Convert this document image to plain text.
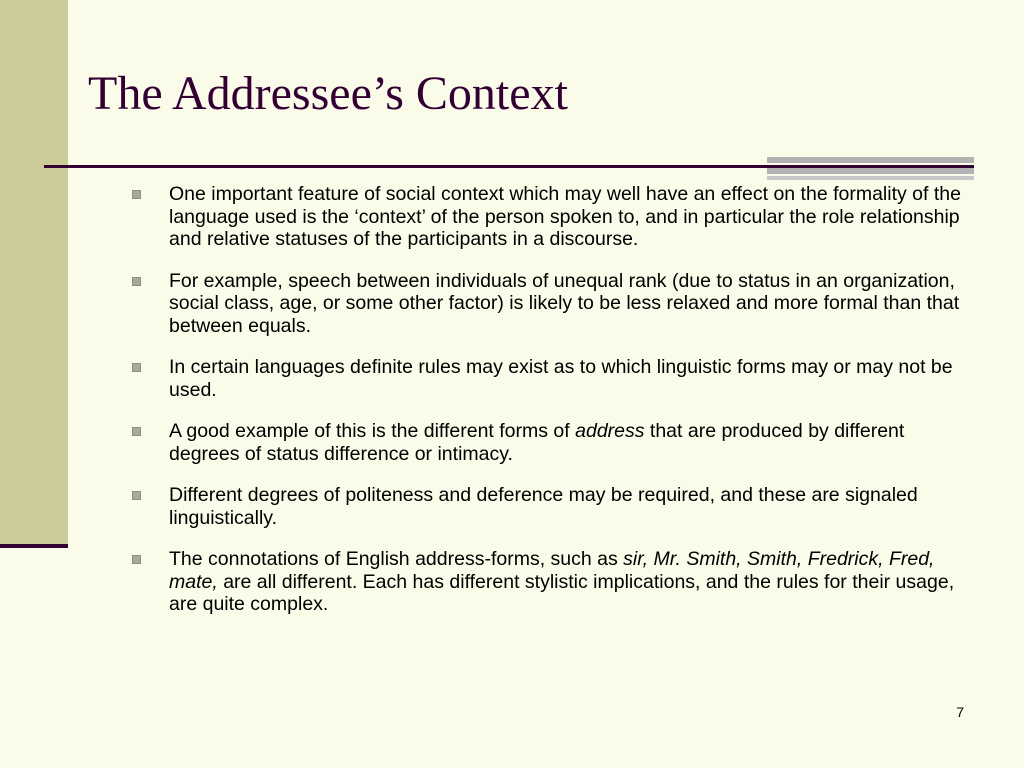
The Addressee’s Context
One important feature of social context which may well have an effect on the formality of the language used is the ‘context’ of the person spoken to, and in particular the role relationship and relative statuses of the participants in a discourse.
For example, speech between individuals of unequal rank (due to status in an organization, social class, age, or some other factor) is likely to be less relaxed and more formal than that between equals.
In certain languages definite rules may exist as to which linguistic forms may or may not be used.
A good example of this is the different forms of address that are produced by different degrees of status difference or intimacy.
Different degrees of politeness and deference may be required, and these are signaled linguistically.
The connotations of English address-forms, such as sir, Mr. Smith, Smith, Fredrick, Fred, mate, are all different. Each has different stylistic implications, and the rules for their usage, are quite complex.
7
